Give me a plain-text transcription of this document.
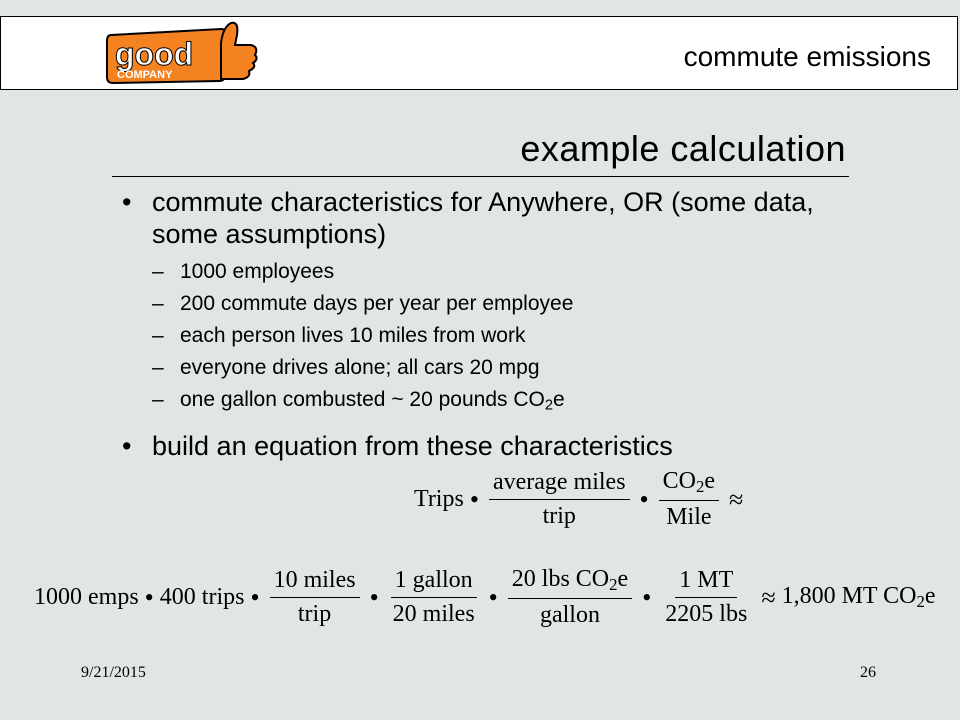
good
COMPANY
commute emissions
example calculation
• commute characteristics for Anywhere, OR (some data, some assumptions)
– 1000 employees
– 200 commute days per year per employee
– each person lives 10 miles from work
– everyone drives alone; all cars 20 mpg
– one gallon combusted ~ 20 pounds $CO_2e$
• build an equation from these characteristics
Trips • $\frac{\text{average miles}}{\text{trip}}$ • $\frac{CO_2e}{\text{Mile}}$ ≈
1000 emps • 400 trips • $\frac{\text{10 miles}}{\text{trip}}$ • $\frac{\text{1 gallon}}{\text{20 miles}}$ • $\frac{20 lbs CO_2e}{\text{gallon}}$ • $\frac{1 MT}{\text{2205 lbs}} \approx 1,800$ MT $CO_2e$
9/21/2015	26
